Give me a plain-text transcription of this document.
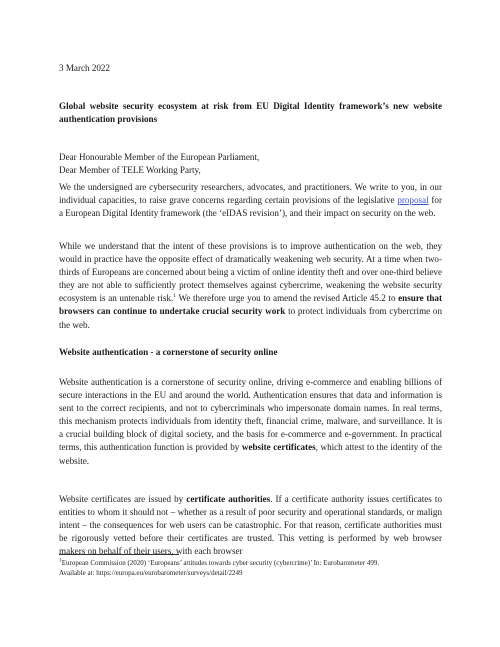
3 March 2022
Global website security ecosystem at risk from EU Digital Identity framework’s new website authentication provisions

Dear Honourable Member of the European Parliament,

Dear Member of TELE Working Party,

We the undersigned are cybersecurity researchers, advocates, and practitioners. We write to you, in our individual capacities, to raise grave concerns regarding certain provisions of the legislative proposal for a European Digital Identity framework (the ‘eIDAS revision’), and their impact on security on the web.
While we understand that the intent of these provisions is to improve authentication on the web, they would in practice have the opposite effect of dramatically weakening web security. At a time when two-thirds of Europeans are concerned about being a victim of online identity theft and over one-third believe they are not able to sufficiently protect themselves against cybercrime, weakening the website security ecosystem is an untenable risk.$^1$ We therefore urge you to amend the revised Article 45.2 to ensure that browsers can continue to undertake crucial security work to protect individuals from cybercrime on the web.
Website authentication - a cornerstone of security online
Website authentication is a cornerstone of security online, driving e-commerce and enabling billions of secure interactions in the EU and around the world. Authentication ensures that data and information is sent to the correct recipients, and not to cybercriminals who impersonate domain names. In real terms, this mechanism protects individuals from identity theft, financial crime, malware, and surveillance. It is a crucial building block of digital society, and the basis for e-commerce and e-government. In practical terms, this authentication function is provided by website certificates, which attest to the identity of the website.
Website certificates are issued by certificate authorities. If a certificate authority issues certificates to entities to whom it should not – whether as a result of poor security and operational standards, or malign intent – the consequences for web users can be catastrophic. For that reason, certificate authorities must be rigorously vetted before their certificates are trusted. This vetting is performed by web browser makers on behalf of their users, with each browser
$^1$European Commission (2020) ‘Europeans’ attitudes towards cyber security (cybercrime)’ In: Eurobarometer 499.
Available at: https://europa.eu/eurobarometer/surveys/detail/2249
